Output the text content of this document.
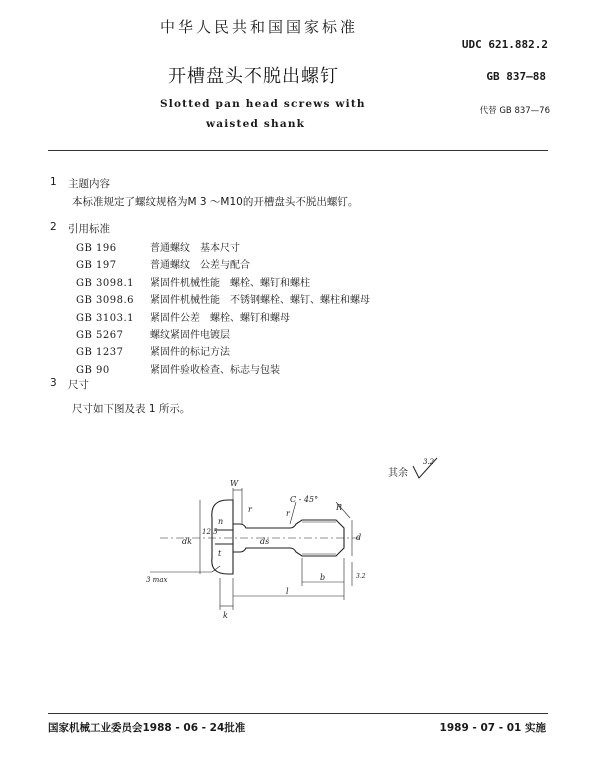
中华人民共和国国家标准
UDC 621.882.2
开槽盘头不脱出螺钉	GB 837—88
Slotted pan head screws with
waisted shank
代替 GB 837—76
1 主题内容
本标准规定了螺纹规格为M 3 ～M10的开槽盘头不脱出螺钉。
2 引用标准
GB 196	普通螺纹　基本尺寸
GB 197	普通螺纹　公差与配合
GB 3098.1 紧固件机械性能　螺栓、螺钉和螺柱
GB 3098.6 紧固件机械性能　不锈钢螺栓、螺钉、螺柱和螺母
GB 3103.1 紧固件公差　螺栓、螺钉和螺母
GB 5267	螺纹紧固件电镀层
GB 1237	紧固件的标记方法
GB 90	紧固件验收检查、标志与包装
3 尺寸
尺寸如下图及表 1 所示。
其余
3.2
W
r	r
C - 45°
R
ds	d
dk
12.5
n
t
3 max	b
l
k
3.2
国家机械工业委员会1988 - 06 - 24批准	1989 - 07 - 01 实施
